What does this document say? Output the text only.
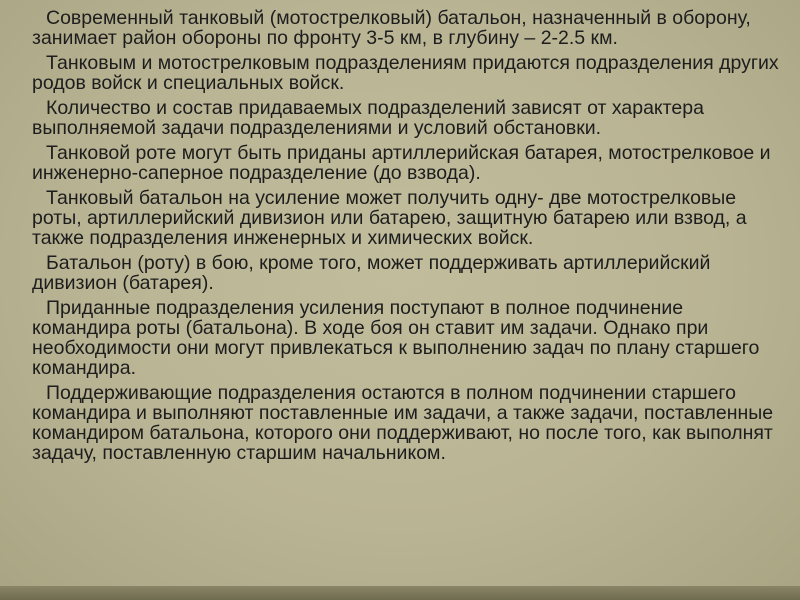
Современный танковый (мотострелковый) батальон, назначенный в оборону, занимает район обороны по фронту 3-5 км, в глубину – 2-2.5 км.

Танковым и мотострелковым подразделениям придаются подразделения других родов войск и специальных войск.

Количество и состав придаваемых подразделений зависят от характера выполняемой задачи подразделениями и условий обстановки.

Танковой роте могут быть приданы артиллерийская батарея, мотострелковое и инженерно-саперное подразделение (до взвода).

Танковый батальон на усиление может получить одну- две мотострелковые роты, артиллерийский дивизион или батарею, защитную батарею или взвод, а также подразделения инженерных и химических войск.

Батальон (роту) в бою, кроме того, может поддерживать артиллерийский дивизион (батарея).

Приданные подразделения усиления поступают в полное подчинение командира роты (батальона). В ходе боя он ставит им задачи. Однако при необходимости они могут привлекаться к выполнению задач по плану старшего командира.

Поддерживающие подразделения остаются в полном подчинении старшего командира и выполняют поставленные им задачи, а также задачи, поставленные командиром батальона, которого они поддерживают, но после того, как выполнят задачу, поставленную старшим начальником.
